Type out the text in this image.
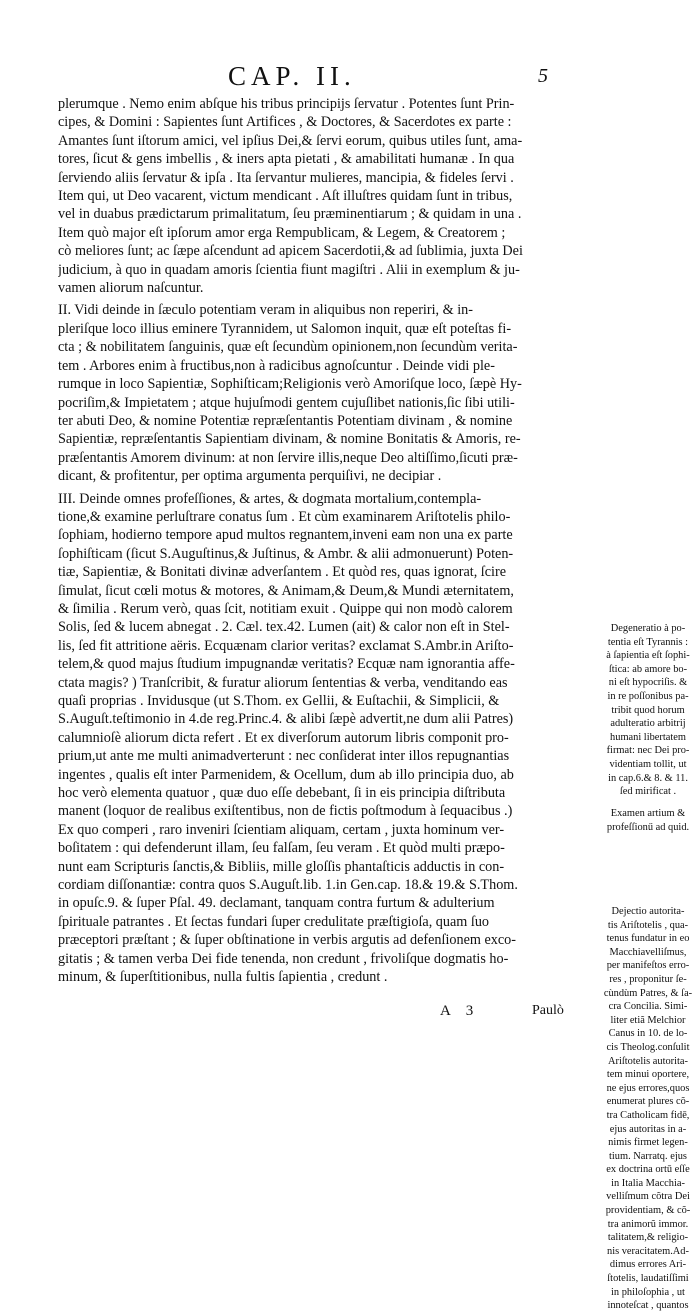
CAP. II.	5
plerumque . Nemo enim abſque his tribus principijs ſervatur . Potentes ſunt Prin-
cipes, & Domini : Sapientes ſunt Artifices , & Doctores, & Sacerdotes ex parte :
Amantes ſunt iſtorum amici, vel ipſius Dei,& ſervi eorum, quibus utiles ſunt, ama-
tores, ſicut & gens imbellis , & iners apta pietati , & amabilitati humanæ . In qua
ſerviendo aliis ſervatur & ipſa . Ita ſervantur mulieres, mancipia, & fideles ſervi .
Item qui, ut Deo vacarent, victum mendicant . Aſt illuſtres quidam ſunt in tribus,
vel in duabus prædictarum primalitatum, ſeu præminentiarum ; & quidam in una .
Item quò major eſt ipſorum amor erga Rempublicam, & Legem, & Creatorem ;
cò meliores ſunt; ac ſæpe aſcendunt ad apicem Sacerdotii,& ad ſublimia, juxta Dei
judicium, à quo in quadam amoris ſcientia fiunt magiſtri . Alii in exemplum & ju-
vamen aliorum naſcuntur.
II. Vidi deinde in ſæculo potentiam veram in aliquibus non reperiri, & in-
pleriſque loco illius eminere Tyrannidem, ut Salomon inquit, quæ eſt poteſtas fi-
cta ; & nobilitatem ſanguinis, quæ eſt ſecundùm opinionem,non ſecundùm verita-
tem . Arbores enim à fructibus,non à radicibus agnoſcuntur . Deinde vidi ple-
rumque in loco Sapientiæ, Sophiſticam;Religionis verò Amoriſque loco, ſæpè Hy-
pocriſim,& Impietatem ; atque hujuſmodi gentem cujuſlibet nationis,ſic ſibi utili-
ter abuti Deo, & nomine Potentiæ repræſentantis Potentiam divinam , & nomine
Sapientiæ, repræſentantis Sapientiam divinam, & nomine Bonitatis & Amoris, re-
præſentantis Amorem divinum: at non ſervire illis,neque Deo altiſſimo,ſicuti præ-
dicant, & profitentur, per optima argumenta perquiſivi, ne decipiar .
III. Deinde omnes profeſſiones, & artes, & dogmata mortalium,contempla-
tione,& examine perluſtrare conatus ſum . Et cùm examinarem Ariſtotelis philo-
ſophiam, hodierno tempore apud multos regnantem,inveni eam non una ex parte
ſophiſticam (ſicut S.Auguſtinus,& Juſtinus, & Ambr. & alii admonuerunt) Poten-
tiæ, Sapientiæ, & Bonitati divinæ adverſantem . Et quòd res, quas ignorat, ſcire
ſimulat, ſicut cœli motus & motores, & Animam,& Deum,& Mundi æternitatem,
& ſimilia . Rerum verò, quas ſcit, notitiam exuit . Quippe qui non modò calorem
Solis, ſed & lucem abnegat . 2. Cæl. tex.42. Lumen (ait) & calor non eſt in Stel-
lis, ſed fit attritione aëris. Ecquænam clarior veritas? exclamat S.Ambr.in Ariſto-
telem,& quod majus ſtudium impugnandæ veritatis? Ecquæ nam ignorantia affe-
ctata magis? ) Tranſcribit, & furatur aliorum ſententias & verba, venditando eas
quaſi proprias . Invidusque (ut S.Thom. ex Gellii, & Euſtachii, & Simplicii, &
S.Auguſt.teſtimonio in 4.de reg.Princ.4. & alibi ſæpè advertit,ne dum alii Patres)
calumnioſè aliorum dicta refert . Et ex diverſorum autorum libris componit pro-
prium,ut ante me multi animadverterunt : nec conſiderat inter illos repugnantias
ingentes , qualis eſt inter Parmenidem, & Ocellum, dum ab illo principia duo, ab
hoc verò elementa quatuor , quæ duo eſſe debebant, ſi in eis principia diſtributa
manent (loquor de realibus exiſtentibus, non de fictis poſtmodum à ſequacibus .)
Ex quo comperi , raro inveniri ſcientiam aliquam, certam , juxta hominum ver-
boſitatem : qui defenderunt illam, ſeu falſam, ſeu veram . Et quòd multi præpo-
nunt eam Scripturis ſanctis,& Bibliis, mille gloſſis phantaſticis adductis in con-
cordiam diſſonantiæ: contra quos S.Auguſt.lib. 1.in Gen.cap. 18.& 19.& S.Thom.
in opuſc.9. & ſuper Pſal. 49. declamant, tanquam contra furtum & adulterium
ſpirituale patrantes . Et ſectas fundari ſuper credulitate præſtigioſa, quam ſuo
præceptori præſtant ; & ſuper obſtinatione in verbis argutis ad defenſionem exco-
gitatis ; & tamen verba Dei fide tenenda, non credunt , frivoliſque dogmatis ho-
minum, & ſuperſtitionibus, nulla fultis ſapientia , credunt .
Degeneratio à po-
tentia eſt Tyrannis :
à ſapientia eſt ſophi-
ſtica: ab amore bo-
ni eſt hypocriſis. &
in re poſſonibus pa-
tribit quod horum
adulteratio arbitrij
humani libertatem
firmat: nec Dei pro-
videntiam tollit, ut
in cap.6.& 8. & 11.
ſed mirificat .
Examen artium &
profeſſionű ad quid.
Dejectio autorita-
tis Ariſtotelis , qua-
tenus fundatur in eo
Macchiavelliſmus,
per manifeſtos erro-
res , proponitur ſe-
cùndùm Patres, & ſa-
cra Concilia. Simi-
liter etiã Melchior
Canus in 10. de lo-
cis Theolog.conſulit
Ariſtotelis autorita-
tem minui oportere,
ne ejus errores,quos
enumerat plures cõ-
tra Catholicam fidē,
ejus autoritas in a-
nimis firmet legen-
tium. Narratq. ejus
ex doctrina ortū eſſe
in Italia Macchia-
velliſmum cõtra Dei
providentiam, & cõ-
tra animorũ immor.
talitatem,& religio-
nis veracitatem.Ad-
dimus errores Ari-
ſtotelis, laudatiſſimi
in philoſophia , ut
innoteſcat , quantos
A 3	Paulò
